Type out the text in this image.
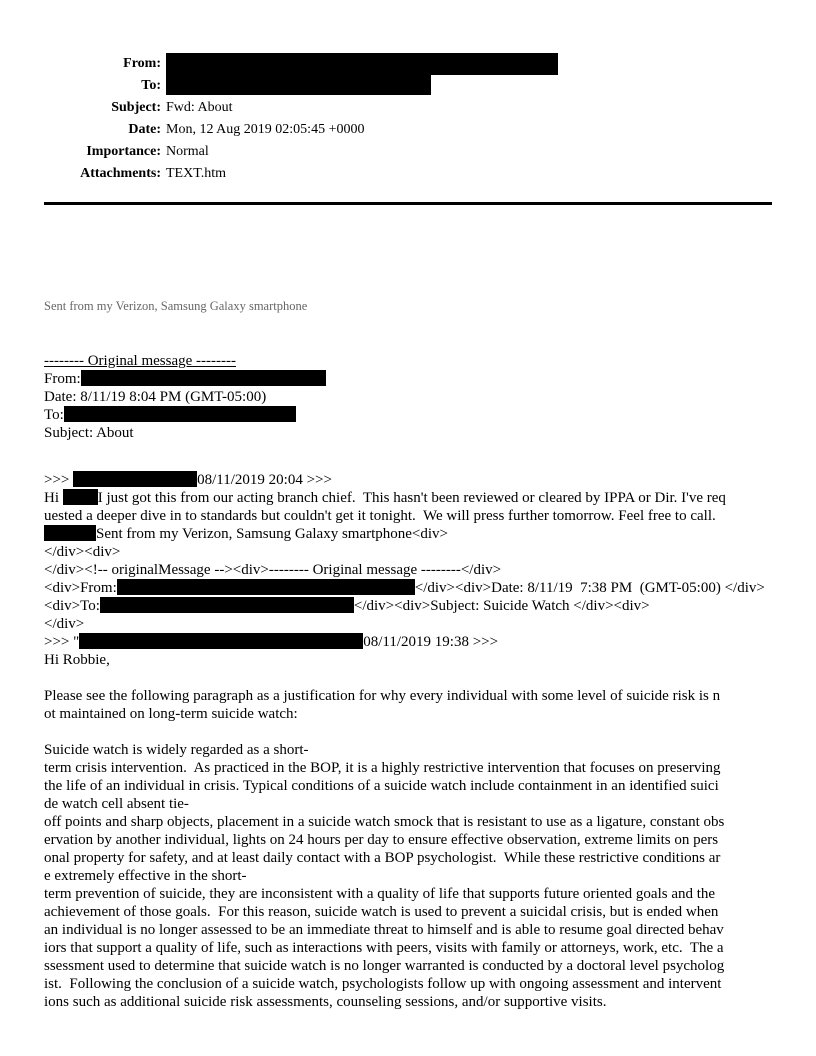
From:
To:
Subject: Fwd: About
Date: Mon, 12 Aug 2019 02:05:45 +0000
Importance: Normal
Attachments: TEXT.htm
Sent from my Verizon, Samsung Galaxy smartphone
-------- Original message --------
From:
Date: 8/11/19 8:04 PM (GMT-05:00)
To:
Subject: About
>>>	08/11/2019 20:04 >>>
Hi I just got this from our acting branch chief.  This hasn't been reviewed or cleared by IPPA or Dir. I've req
uested a deeper dive in to standards but couldn't get it tonight.  We will press further tomorrow. Feel free to call.
Sent from my Verizon, Samsung Galaxy smartphone<div>
</div><div>
</div><!-- originalMessage --><div>-------- Original message --------</div>
<div>From:	</div><div>Date: 8/11/19  7:38 PM  (GMT-05:00) </div>
<div>To:	</div><div>Subject: Suicide Watch </div><div>
</div>
>>> "	08/11/2019 19:38 >>>
Hi Robbie,

Please see the following paragraph as a justification for why every individual with some level of suicide risk is n
ot maintained on long-term suicide watch:

Suicide watch is widely regarded as a short-
term crisis intervention.  As practiced in the BOP, it is a highly restrictive intervention that focuses on preserving
the life of an individual in crisis. Typical conditions of a suicide watch include containment in an identified suici
de watch cell absent tie-
off points and sharp objects, placement in a suicide watch smock that is resistant to use as a ligature, constant obs
ervation by another individual, lights on 24 hours per day to ensure effective observation, extreme limits on pers
onal property for safety, and at least daily contact with a BOP psychologist.  While these restrictive conditions ar
e extremely effective in the short-
term prevention of suicide, they are inconsistent with a quality of life that supports future oriented goals and the
achievement of those goals.  For this reason, suicide watch is used to prevent a suicidal crisis, but is ended when
an individual is no longer assessed to be an immediate threat to himself and is able to resume goal directed behav
iors that support a quality of life, such as interactions with peers, visits with family or attorneys, work, etc.  The a
ssessment used to determine that suicide watch is no longer warranted is conducted by a doctoral level psycholog
ist.  Following the conclusion of a suicide watch, psychologists follow up with ongoing assessment and intervent
ions such as additional suicide risk assessments, counseling sessions, and/or supportive visits.
